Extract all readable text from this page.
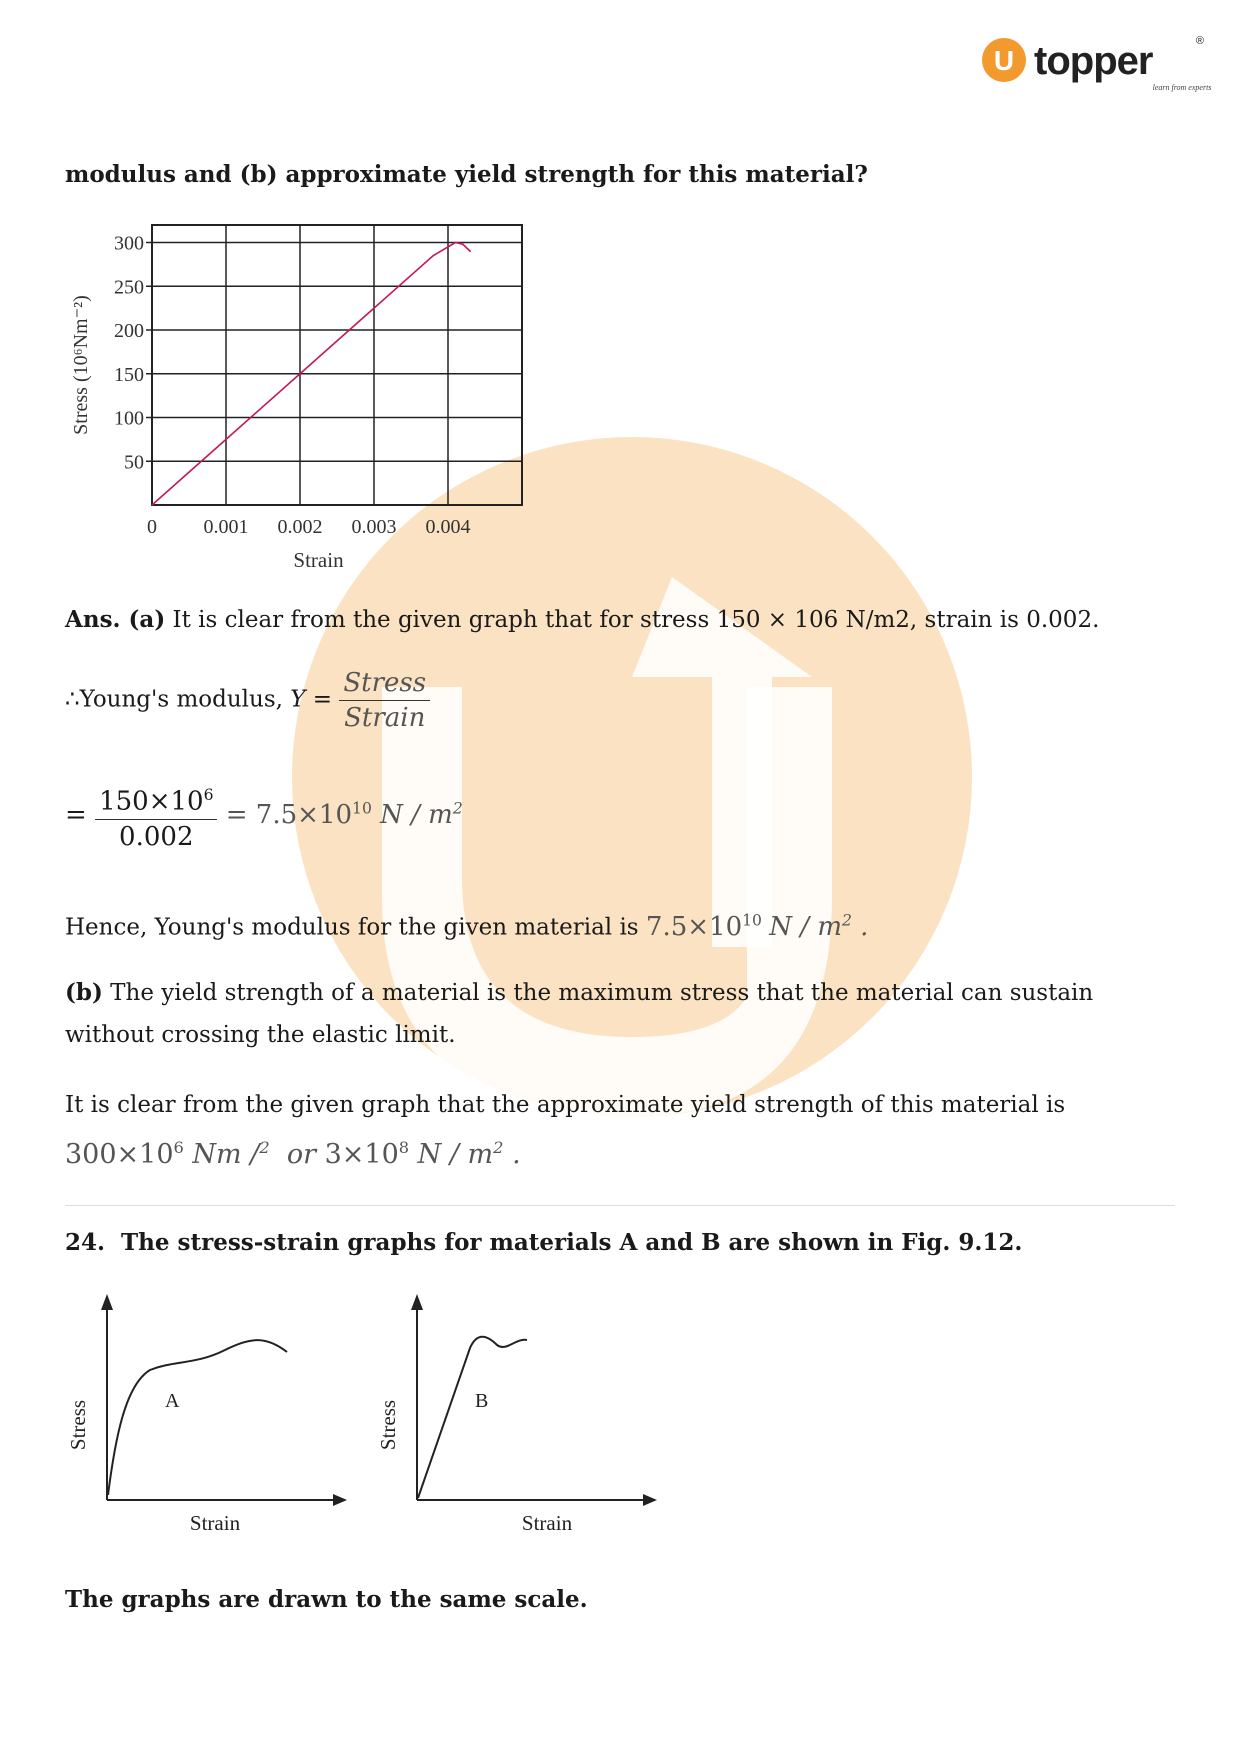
U topper	®
learn from experts
modulus and (b) approximate yield strength for this material?
0 0.001 0.002 0.003 0.004
50
100
150
200
250
300
Strain
Stress (10⁶Nm⁻²)
Ans. (a) It is clear from the given graph that for stress 150 × 106 N/m2, strain is 0.002.
∴Young's modulus, $Y = \frac{\text{Stress}}{\text{Strain}}$
= $\frac{150\times 10^6}{0.002} = 7.5\times 10^{10}$ N / $m^2$
Hence, Young's modulus for the given material is $7.5\times 10^{10}$ N / $m^2$ .
(b) The yield strength of a material is the maximum stress that the material can sustain
without crossing the elastic limit.
It is clear from the given graph that the approximate yield strength of this material is
$300\times 10^6$ Nm /$^2$ or $3\times 10^8$ N / $m^2$ .
24. The stress-strain graphs for materials A and B are shown in Fig. 9.12.
A
Strain
Stress	B
Strain
Stress
The graphs are drawn to the same scale.
